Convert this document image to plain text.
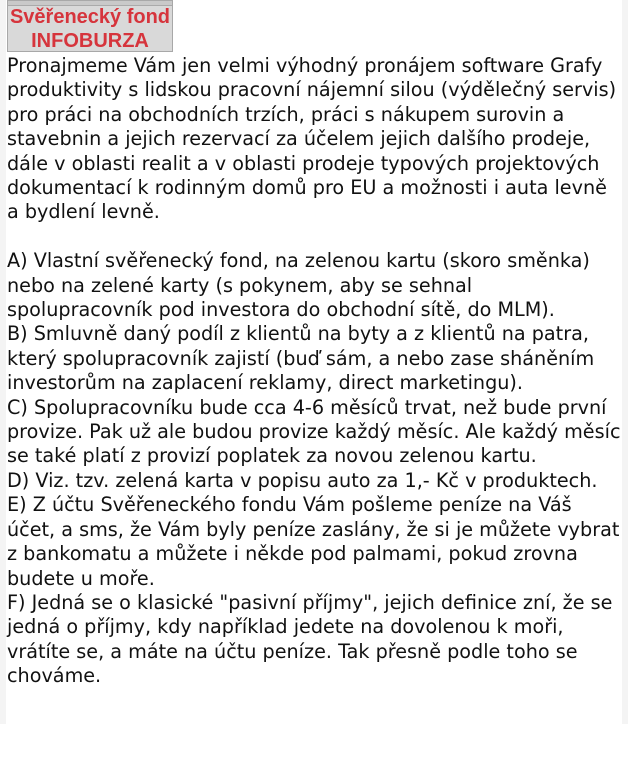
Svěřenecký fond
INFOBURZA

Pronajmeme Vám jen velmi výhodný pronájem software Grafy produktivity s lidskou pracovní nájemní silou (výdělečný servis) pro práci na obchodních trzích, práci s nákupem surovin a stavebnin a jejich rezervací za účelem jejich dalšího prodeje, dále v oblasti realit a v oblasti prodeje typových projektových dokumentací k rodinným domů pro EU a možnosti i auta levně a bydlení levně.

A) Vlastní svěřenecký fond, na zelenou kartu (skoro směnka) nebo na zelené karty (s pokynem, aby se sehnal spolupracovník pod investora do obchodní sítě, do MLM).

B) Smluvně daný podíl z klientů na byty a z klientů na patra, který spolupracovník zajistí (buď sám, a nebo zase sháněním investorům na zaplacení reklamy, direct marketingu).

C) Spolupracovníku bude cca 4-6 měsíců trvat, než bude první provize. Pak už ale budou provize každý měsíc. Ale každý měsíc se také platí z provizí poplatek za novou zelenou kartu.

D) Viz. tzv. zelená karta v popisu auto za 1,- Kč v produktech.

E) Z účtu Svěřeneckého fondu Vám pošleme peníze na Váš účet, a sms, že Vám byly peníze zaslány, že si je můžete vybrat z bankomatu a můžete i někde pod palmami, pokud zrovna budete u moře.

F) Jedná se o klasické "pasivní příjmy", jejich definice zní, že se jedná o příjmy, kdy například jedete na dovolenou k moři, vrátíte se, a máte na účtu peníze. Tak přesně podle toho se chováme.
